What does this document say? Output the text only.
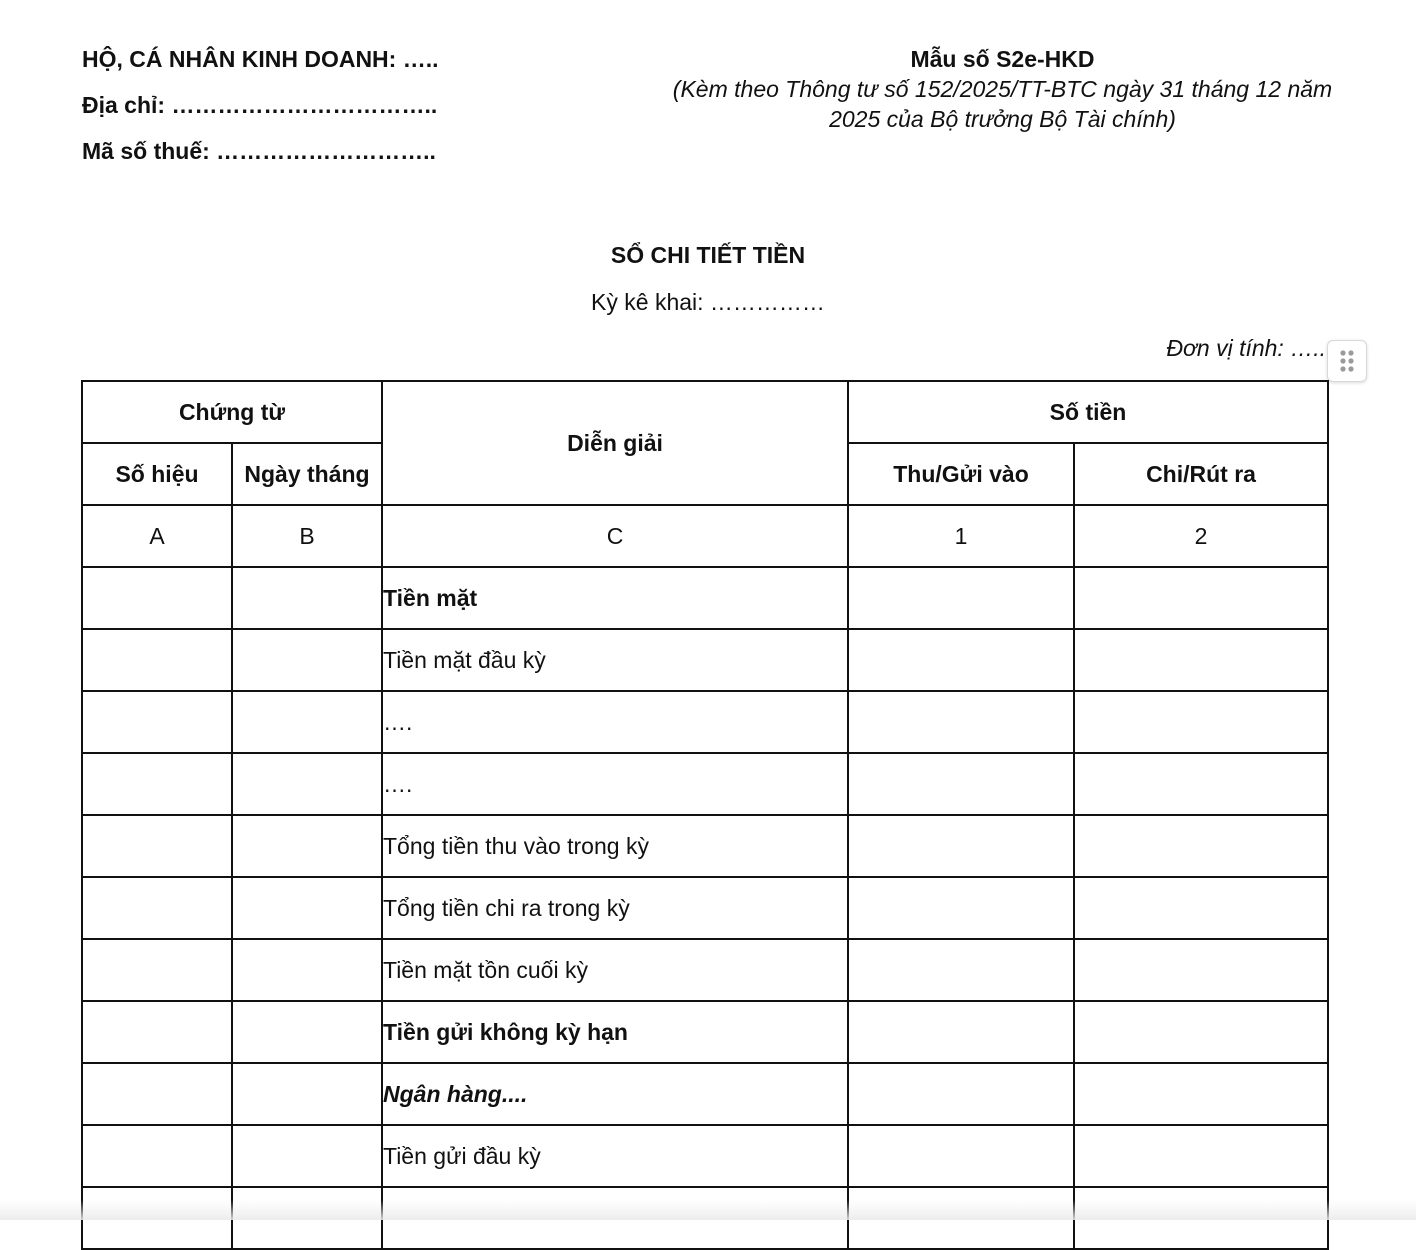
HỘ, CÁ NHÂN KINH DOANH: …..
Địa chỉ: ……………………………..
Mã số thuế: ………………………..
Mẫu số S2e-HKD
(Kèm theo Thông tư số 152/2025/TT-BTC ngày 31 tháng 12 năm 2025 của Bộ trưởng Bộ Tài chính)
SỔ CHI TIẾT TIỀN
Kỳ kê khai: ……………
Đơn vị tính: …..
Chứng từ		Diễn giải	Số tiền	
Số hiệu	Ngày tháng		Thu/Gửi vào	Chi/Rút ra
A	B	C	1	2
		Tiền mặt		
		Tiền mặt đầu kỳ		
		….		
		….		
		Tổng tiền thu vào trong kỳ		
		Tổng tiền chi ra trong kỳ		
		Tiền mặt tồn cuối kỳ		
		Tiền gửi không kỳ hạn		
		Ngân hàng....		
		Tiền gửi đầu kỳ		
